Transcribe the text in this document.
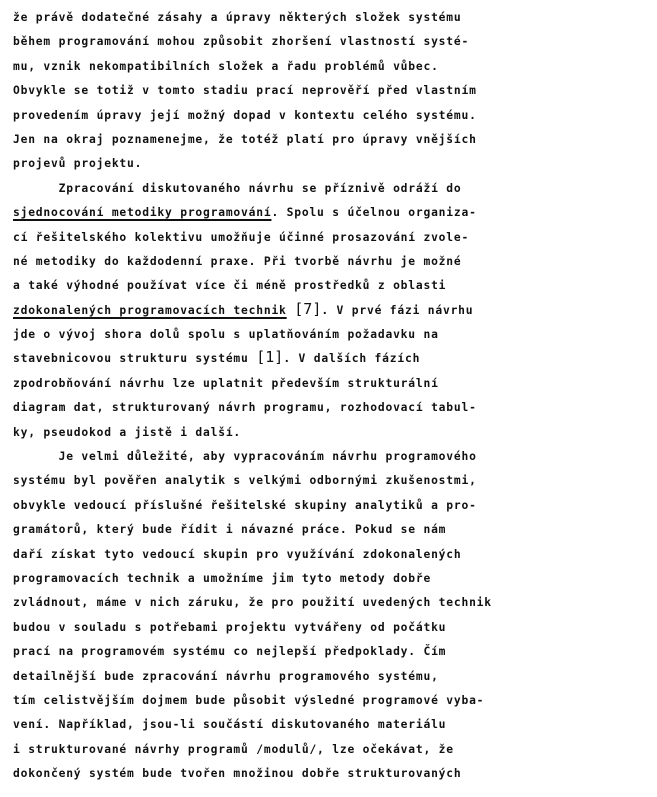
že právě dodatečné zásahy a úpravy některých složek systému
během programování mohou způsobit zhoršení vlastností systé-
mu, vznik nekompatibilních složek a řadu problémů vůbec.
Obvykle se totiž v tomto stadiu prací neprověří před vlastním
provedením úpravy její možný dopad v kontextu celého systému.
Jen na okraj poznamenejme, že totéž platí pro úpravy vnějších
projevů projektu.
Zpracování diskutovaného návrhu se příznivě odráží do
sjednocování metodiky programování. Spolu s účelnou organiza-
cí řešitelského kolektivu umožňuje účinné prosazování zvole-
né metodiky do každodenní praxe. Při tvorbě návrhu je možné
a také výhodné používat více či méně prostředků z oblasti
zdokonalených programovacích technik [7]. V prvé fázi návrhu
jde o vývoj shora dolů spolu s uplatňováním požadavku na
stavebnicovou strukturu systému [1]. V dalších fázích
zpodrobňování návrhu lze uplatnit především strukturální
diagram dat, strukturovaný návrh programu, rozhodovací tabul-
ky, pseudokod a jistě i další.
Je velmi důležité, aby vypracováním návrhu programového
systému byl pověřen analytik s velkými odbornými zkušenostmi,
obvykle vedoucí příslušné řešitelské skupiny analytiků a pro-
gramátorů, který bude řídit i návazné práce. Pokud se nám
daří získat tyto vedoucí skupin pro využívání zdokonalených
programovacích technik a umožníme jim tyto metody dobře
zvládnout, máme v nich záruku, že pro použití uvedených technik
budou v souladu s potřebami projektu vytvářeny od počátku
prací na programovém systému co nejlepší předpoklady. Čím
detailnější bude zpracování návrhu programového systému,
tím celistvějším dojmem bude působit výsledné programové vyba-
vení. Například, jsou-li součástí diskutovaného materiálu
i strukturované návrhy programů /modulů/, lze očekávat, že
dokončený systém bude tvořen množinou dobře strukturovaných
